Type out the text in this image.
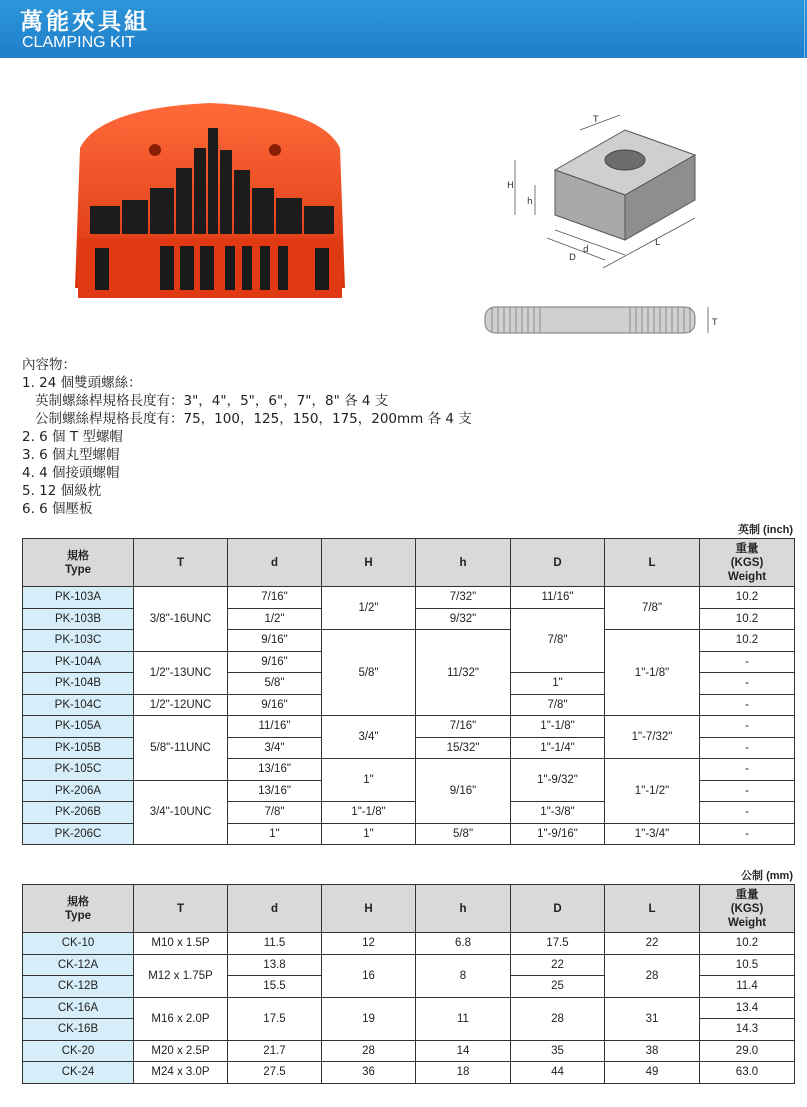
萬能夾具組
CLAMPING KIT
H
h
d
D
L
T
T
內容物：
1. 24 個雙頭螺絲：
英制螺絲桿規格長度有：3"，4"，5"，6"，7"，8" 各 4 支
公制螺絲桿規格長度有：75，100，125，150，175，200mm 各 4 支
2. 6 個 T 型螺帽
3. 6 個丸型螺帽
4. 4 個接頭螺帽
5. 12 個級枕
6. 6 個壓板
英制 (inch)
規格
Type	T	d	H	h	D	L	重量
(KGS)
Weight
PK-103A	3/8"-16UNC	7/16"	1/2"	7/32"	11/16"	7/8"	10.2
PK-103B		1/2"		9/32"	7/8"		10.2
PK-103C		9/16"	5/8"	11/32"		1"-1/8"	10.2
PK-104A	1/2"-13UNC	9/16"					-
PK-104B		5/8"			1"		-
PK-104C	1/2"-12UNC	9/16"			7/8"		-
PK-105A	5/8"-11UNC	11/16"	3/4"	7/16"	1"-1/8"	1"-7/32"	-
PK-105B		3/4"		15/32"	1"-1/4"		-
PK-105C		13/16"	1"	9/16"	1"-9/32"	1"-1/2"	-
PK-206A	3/4"-10UNC	13/16"					-
PK-206B		7/8"	1"-1/8"		1"-3/8"		-
PK-206C		1"	1"	5/8"	1"-9/16"	1"-3/4"	-
公制 (mm)
規格
Type	T	d	H	h	D	L	重量
(KGS)
Weight
CK-10	M10 x 1.5P	11.5	12	6.8	17.5	22	10.2
CK-12A	M12 x 1.75P	13.8	16	8	22	28	10.5
CK-12B		15.5			25		11.4
CK-16A	M16 x 2.0P	17.5	19	11	28	31	13.4
CK-16B							14.3
CK-20	M20 x 2.5P	21.7	28	14	35	38	29.0
CK-24	M24 x 3.0P	27.5	36	18	44	49	63.0
